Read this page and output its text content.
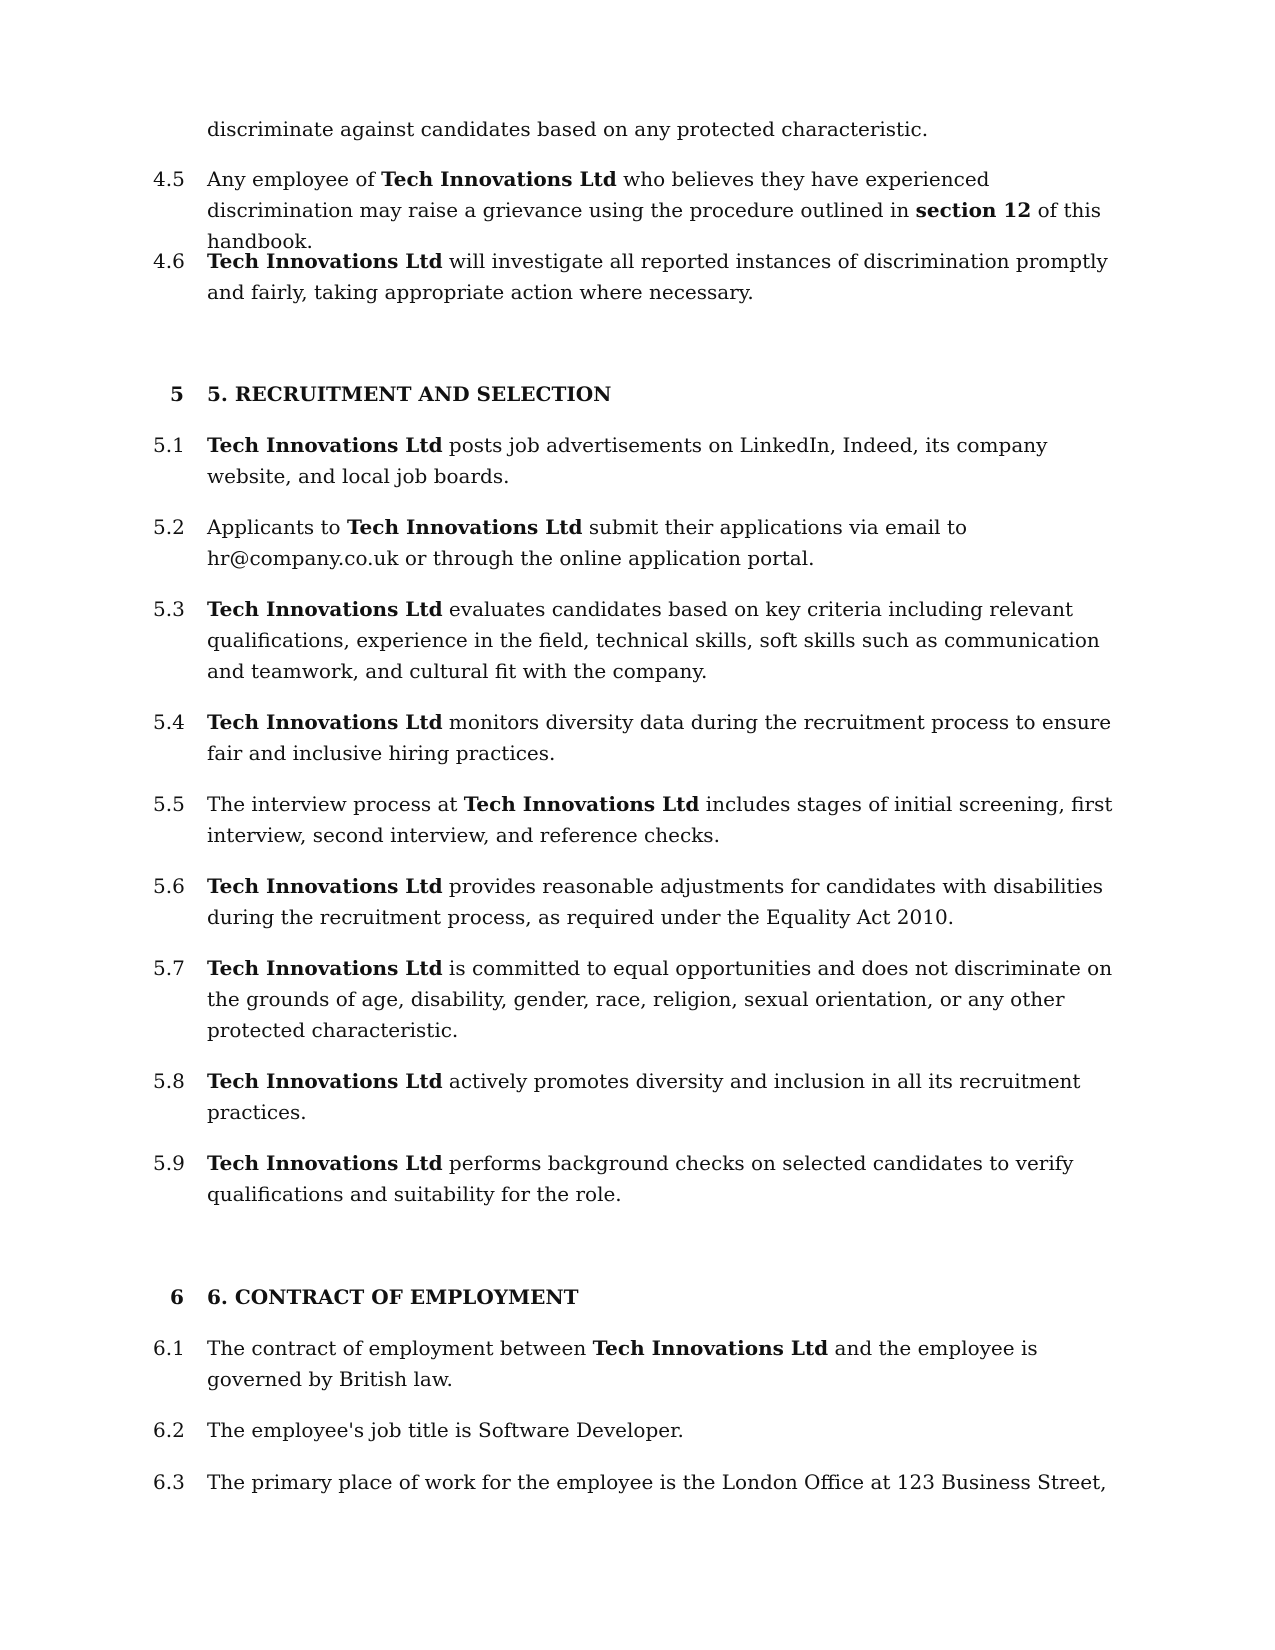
discriminate against candidates based on any protected characteristic.
4.5	Any employee of Tech Innovations Ltd who believes they have experienced discrimination may raise a grievance using the procedure outlined in section 12 of this handbook.
4.6	Tech Innovations Ltd will investigate all reported instances of discrimination promptly and fairly, taking appropriate action where necessary.
5	5. RECRUITMENT AND SELECTION
5.1	Tech Innovations Ltd posts job advertisements on LinkedIn, Indeed, its company website, and local job boards.
5.2	Applicants to Tech Innovations Ltd submit their applications via email to hr@company.co.uk or through the online application portal.
5.3	Tech Innovations Ltd evaluates candidates based on key criteria including relevant qualifications, experience in the field, technical skills, soft skills such as communication and teamwork, and cultural fit with the company.
5.4	Tech Innovations Ltd monitors diversity data during the recruitment process to ensure fair and inclusive hiring practices.
5.5	The interview process at Tech Innovations Ltd includes stages of initial screening, first interview, second interview, and reference checks.
5.6	Tech Innovations Ltd provides reasonable adjustments for candidates with disabilities during the recruitment process, as required under the Equality Act 2010.
5.7	Tech Innovations Ltd is committed to equal opportunities and does not discriminate on the grounds of age, disability, gender, race, religion, sexual orientation, or any other protected characteristic.
5.8	Tech Innovations Ltd actively promotes diversity and inclusion in all its recruitment practices.
5.9	Tech Innovations Ltd performs background checks on selected candidates to verify qualifications and suitability for the role.
6	6. CONTRACT OF EMPLOYMENT
6.1	The contract of employment between Tech Innovations Ltd and the employee is governed by British law.
6.2	The employee's job title is Software Developer.
6.3	The primary place of work for the employee is the London Office at 123 Business Street,
